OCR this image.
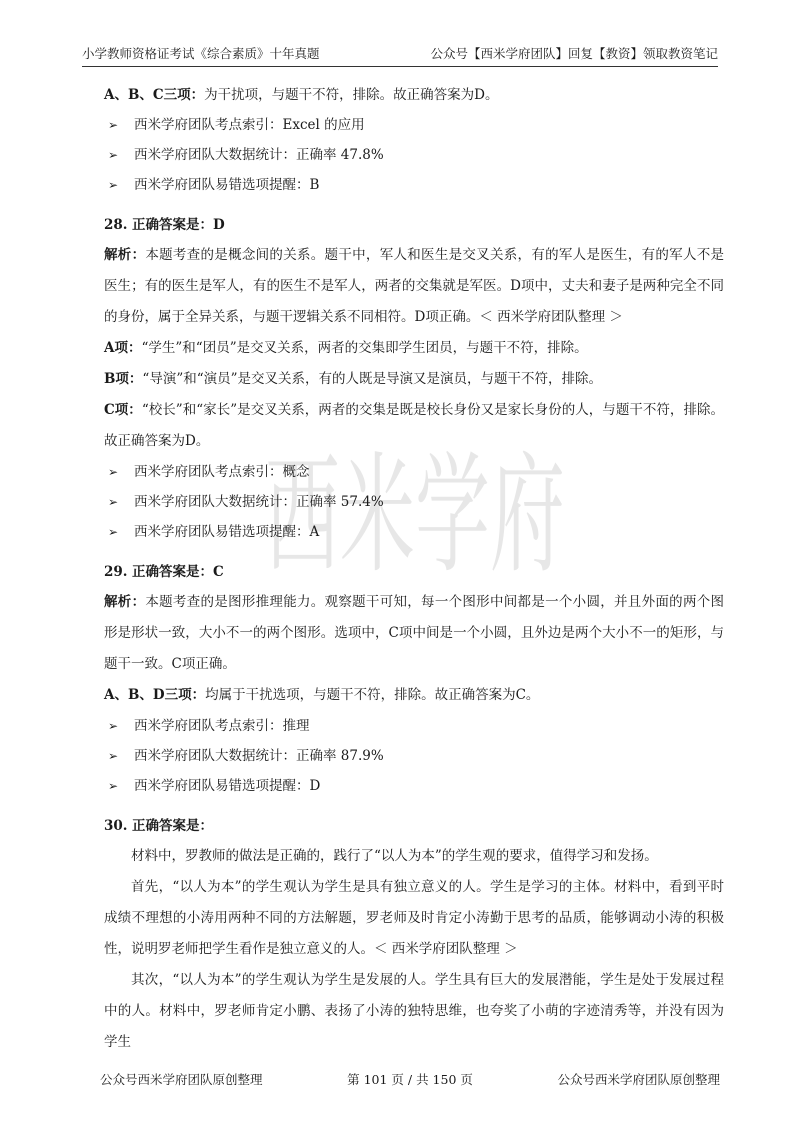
小学教师资格证考试《综合素质》十年真题	公众号【西米学府团队】回复【教资】领取教资笔记
西米学府
A、B、C三项：为干扰项，与题干不符，排除。故正确答案为D。
➢ 西米学府团队考点索引：Excel 的应用
➢ 西米学府团队大数据统计：正确率 47.8%
➢ 西米学府团队易错选项提醒：B
28. 正确答案是：D
解析：本题考查的是概念间的关系。题干中，军人和医生是交叉关系，有的军人是医生，有的军人不是医生；有的医生是军人，有的医生不是军人，两者的交集就是军医。D项中，丈夫和妻子是两种完全不同的身份，属于全异关系，与题干逻辑关系不同相符。D项正确。＜ 西米学府团队整理 ＞
A项：“学生”和“团员”是交叉关系，两者的交集即学生团员，与题干不符，排除。
B项：“导演”和“演员”是交叉关系，有的人既是导演又是演员，与题干不符，排除。
C项：“校长”和“家长”是交叉关系，两者的交集是既是校长身份又是家长身份的人，与题干不符，排除。故正确答案为D。
➢ 西米学府团队考点索引：概念
➢ 西米学府团队大数据统计：正确率 57.4%
➢ 西米学府团队易错选项提醒：A
29. 正确答案是：C
解析：本题考查的是图形推理能力。观察题干可知，每一个图形中间都是一个小圆，并且外面的两个图形是形状一致，大小不一的两个图形。选项中，C项中间是一个小圆，且外边是两个大小不一的矩形，与题干一致。C项正确。
A、B、D三项：均属于干扰选项，与题干不符，排除。故正确答案为C。
➢ 西米学府团队考点索引：推理
➢ 西米学府团队大数据统计：正确率 87.9%
➢ 西米学府团队易错选项提醒：D
30. 正确答案是：
材料中，罗教师的做法是正确的，践行了“以人为本”的学生观的要求，值得学习和发扬。
首先，“以人为本”的学生观认为学生是具有独立意义的人。学生是学习的主体。材料中，看到平时成绩不理想的小涛用两种不同的方法解题，罗老师及时肯定小涛勤于思考的品质，能够调动小涛的积极性，说明罗老师把学生看作是独立意义的人。＜ 西米学府团队整理 ＞
其次，“以人为本”的学生观认为学生是发展的人。学生具有巨大的发展潜能，学生是处于发展过程中的人。材料中，罗老师肯定小鹏、表扬了小涛的独特思维，也夸奖了小萌的字迹清秀等，并没有因为学生
公众号西米学府团队原创整理	第 101 页 / 共 150 页	公众号西米学府团队原创整理
